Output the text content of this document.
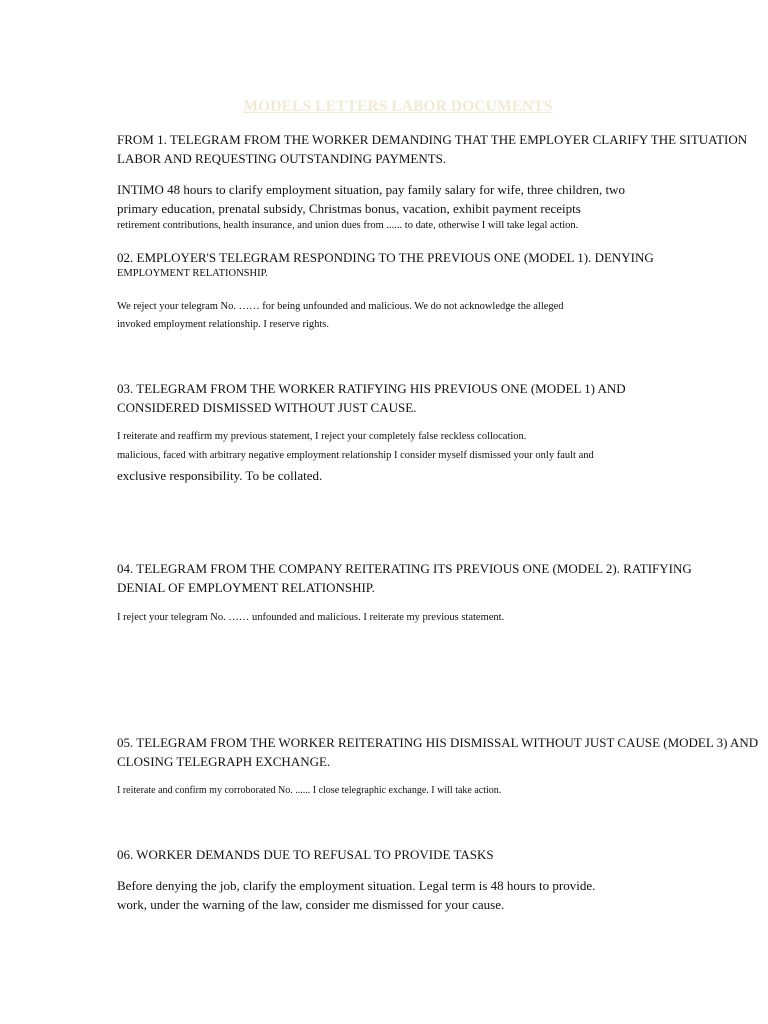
MODELS LETTERS LABOR DOCUMENTS
FROM 1. TELEGRAM FROM THE WORKER DEMANDING THAT THE EMPLOYER CLARIFY THE SITUATION
LABOR AND REQUESTING OUTSTANDING PAYMENTS.
INTIMO 48 hours to clarify employment situation, pay family salary for wife, three children, two
primary education, prenatal subsidy, Christmas bonus, vacation, exhibit payment receipts
retirement contributions, health insurance, and union dues from ...... to date, otherwise I will take legal action.
02. EMPLOYER'S TELEGRAM RESPONDING TO THE PREVIOUS ONE (MODEL 1). DENYING
EMPLOYMENT RELATIONSHIP.
We reject your telegram No. …… for being unfounded and malicious. We do not acknowledge the alleged
invoked employment relationship. I reserve rights.
03. TELEGRAM FROM THE WORKER RATIFYING HIS PREVIOUS ONE (MODEL 1) AND
CONSIDERED DISMISSED WITHOUT JUST CAUSE.
I reiterate and reaffirm my previous statement, I reject your completely false reckless collocation.
malicious, faced with arbitrary negative employment relationship I consider myself dismissed your only fault and
exclusive responsibility. To be collated.
04. TELEGRAM FROM THE COMPANY REITERATING ITS PREVIOUS ONE (MODEL 2). RATIFYING
DENIAL OF EMPLOYMENT RELATIONSHIP.
I reject your telegram No. …… unfounded and malicious. I reiterate my previous statement.
05. TELEGRAM FROM THE WORKER REITERATING HIS DISMISSAL WITHOUT JUST CAUSE (MODEL 3) AND
CLOSING TELEGRAPH EXCHANGE.
I reiterate and confirm my corroborated No. ...... I close telegraphic exchange. I will take action.
06. WORKER DEMANDS DUE TO REFUSAL TO PROVIDE TASKS
Before denying the job, clarify the employment situation. Legal term is 48 hours to provide.
work, under the warning of the law, consider me dismissed for your cause.
